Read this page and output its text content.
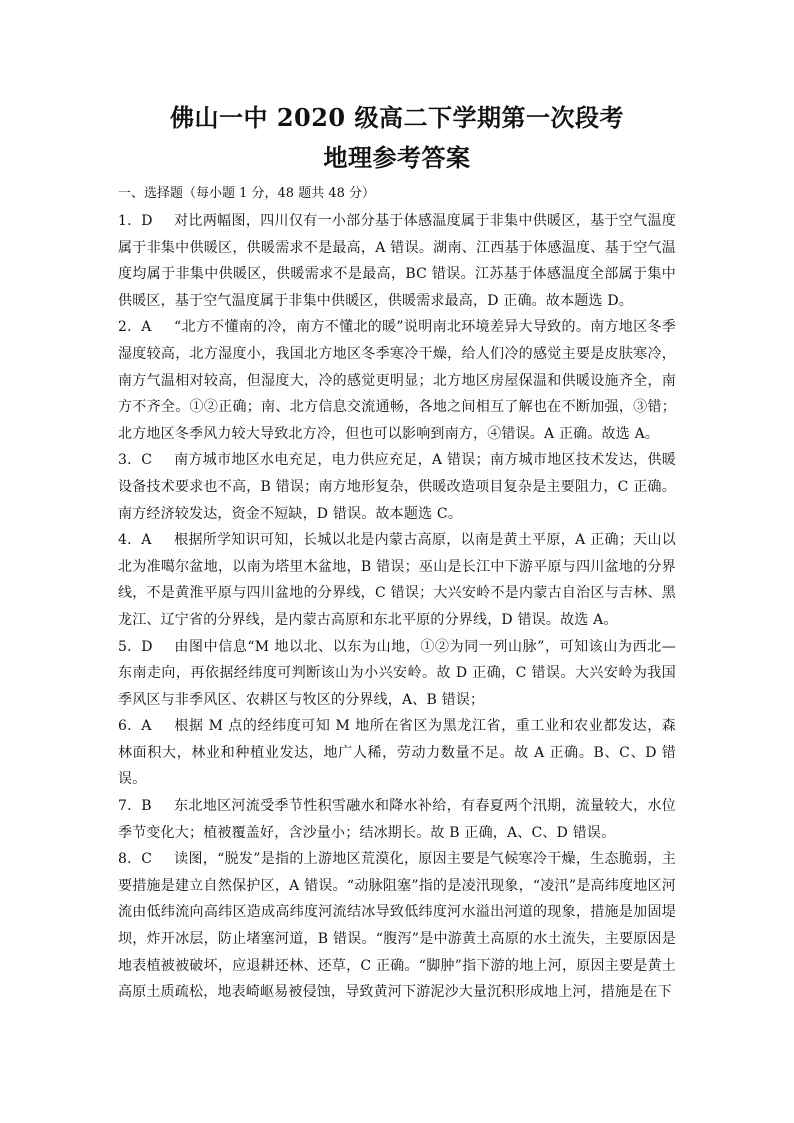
佛山一中 2020 级高二下学期第一次段考
地理参考答案
一、选择题（每小题 1 分，48 题共 48 分）

1．D 对比两幅图，四川仅有一小部分基于体感温度属于非集中供暖区，基于空气温度属于非集中供暖区，供暖需求不是最高，A 错误。湖南、江西基于体感温度、基于空气温度均属于非集中供暖区，供暖需求不是最高，BC 错误。江苏基于体感温度全部属于集中供暖区，基于空气温度属于非集中供暖区，供暖需求最高，D 正确。故本题选 D。

2．A “北方不懂南的冷，南方不懂北的暖”说明南北环境差异大导致的。南方地区冬季湿度较高，北方湿度小，我国北方地区冬季寒冷干燥，给人们冷的感觉主要是皮肤寒冷，南方气温相对较高，但湿度大，冷的感觉更明显；北方地区房屋保温和供暖设施齐全，南方不齐全。①②正确；南、北方信息交流通畅，各地之间相互了解也在不断加强，③错；北方地区冬季风力较大导致北方冷，但也可以影响到南方，④错误。A 正确。故选 A。

3．C 南方城市地区水电充足，电力供应充足，A 错误；南方城市地区技术发达，供暖设备技术要求也不高，B 错误；南方地形复杂，供暖改造项目复杂是主要阻力，C 正确。南方经济较发达，资金不短缺，D 错误。故本题选 C。

4．A 根据所学知识可知，长城以北是内蒙古高原，以南是黄土平原，A 正确；天山以北为准噶尔盆地，以南为塔里木盆地，B 错误；巫山是长江中下游平原与四川盆地的分界线，不是黄淮平原与四川盆地的分界线，C 错误；大兴安岭不是内蒙古自治区与吉林、黑龙江、辽宁省的分界线，是内蒙古高原和东北平原的分界线，D 错误。故选 A。

5．D 由图中信息“M 地以北、以东为山地，①②为同一列山脉”，可知该山为西北—东南走向，再依据经纬度可判断该山为小兴安岭。故 D 正确，C 错误。大兴安岭为我国季风区与非季风区、农耕区与牧区的分界线，A、B 错误；

6．A 根据 M 点的经纬度可知 M 地所在省区为黑龙江省，重工业和农业都发达，森林面积大，林业和种植业发达，地广人稀，劳动力数量不足。故 A 正确。B、C、D 错误。

7．B 东北地区河流受季节性积雪融水和降水补给，有春夏两个汛期，流量较大，水位季节变化大；植被覆盖好，含沙量小；结冰期长。故 B 正确，A、C、D 错误。

8．C 读图，“脱发”是指的上游地区荒漠化，原因主要是气候寒冷干燥，生态脆弱，主要措施是建立自然保护区，A 错误。“动脉阻塞”指的是凌汛现象，“凌汛”是高纬度地区河流由低纬流向高纬区造成高纬度河流结冰导致低纬度河水溢出河道的现象，措施是加固堤坝，炸开冰层，防止堵塞河道，B 错误。“腹泻”是中游黄土高原的水土流失，主要原因是地表植被被破坏，应退耕还林、还草，C 正确。“脚肿”指下游的地上河，原因主要是黄土高原土质疏松，地表崎岖易被侵蚀，导致黄河下游泥沙大量沉积形成地上河，措施是在下
